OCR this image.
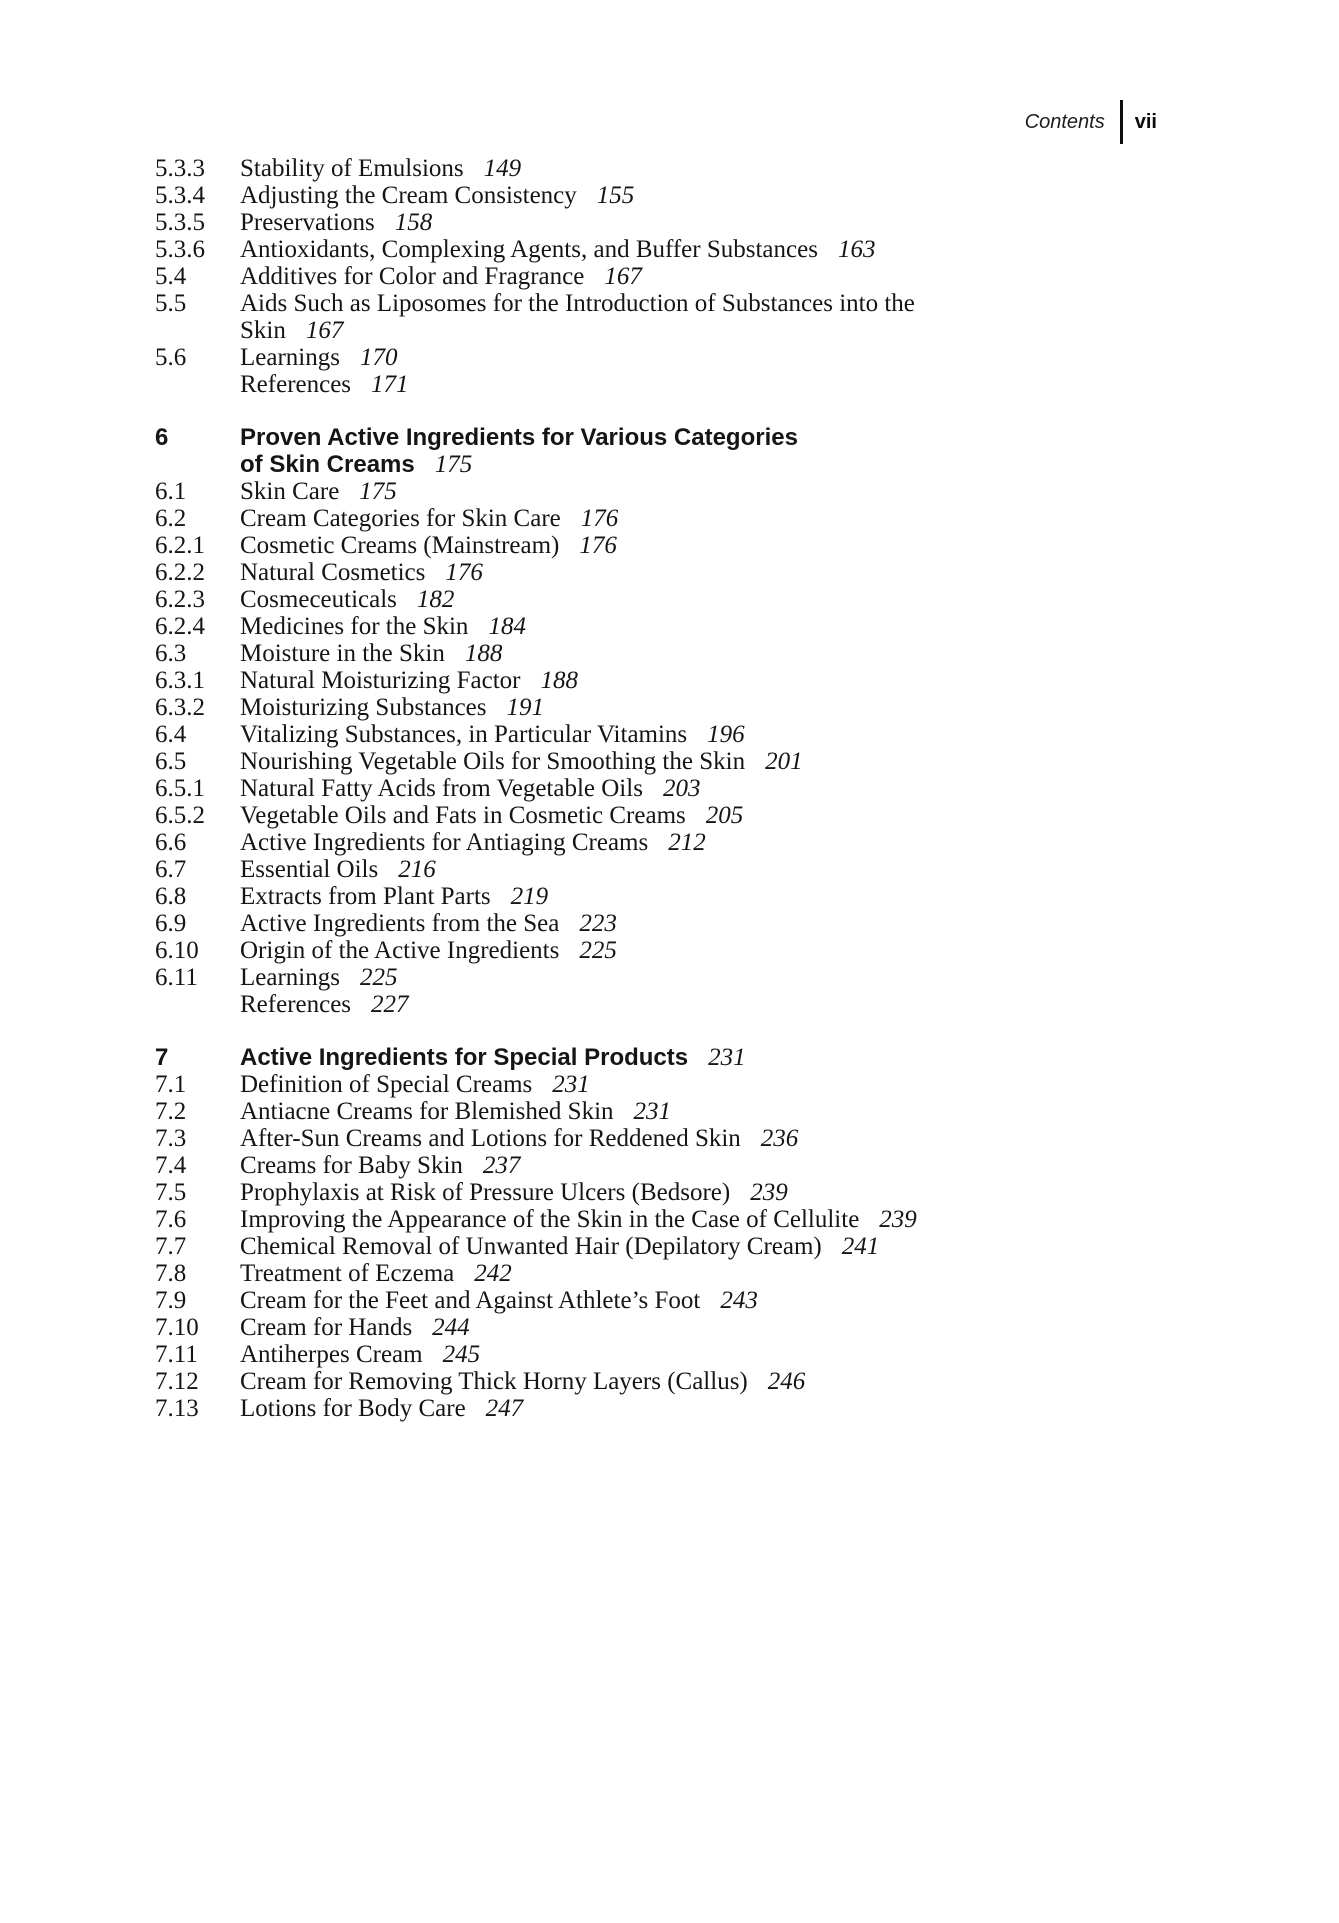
Contents vii
5.3.3	Stability of Emulsions 149
5.3.4	Adjusting the Cream Consistency 155
5.3.5	Preservations 158
5.3.6	Antioxidants, Complexing Agents, and Buffer Substances 163
5.4	Additives for Color and Fragrance 167
5.5	Aids Such as Liposomes for the Introduction of Substances into the
Skin 167
5.6	Learnings 170
References 171
6	Proven Active Ingredients for Various Categories
of Skin Creams 175
6.1	Skin Care 175
6.2	Cream Categories for Skin Care 176
6.2.1	Cosmetic Creams (Mainstream) 176
6.2.2	Natural Cosmetics 176
6.2.3	Cosmeceuticals 182
6.2.4	Medicines for the Skin 184
6.3	Moisture in the Skin 188
6.3.1	Natural Moisturizing Factor 188
6.3.2	Moisturizing Substances 191
6.4	Vitalizing Substances, in Particular Vitamins 196
6.5	Nourishing Vegetable Oils for Smoothing the Skin 201
6.5.1	Natural Fatty Acids from Vegetable Oils 203
6.5.2	Vegetable Oils and Fats in Cosmetic Creams 205
6.6	Active Ingredients for Antiaging Creams 212
6.7	Essential Oils 216
6.8	Extracts from Plant Parts 219
6.9	Active Ingredients from the Sea 223
6.10	Origin of the Active Ingredients 225
6.11	Learnings 225
References 227
7	Active Ingredients for Special Products 231
7.1	Definition of Special Creams 231
7.2	Antiacne Creams for Blemished Skin 231
7.3	After-Sun Creams and Lotions for Reddened Skin 236
7.4	Creams for Baby Skin 237
7.5	Prophylaxis at Risk of Pressure Ulcers (Bedsore) 239
7.6	Improving the Appearance of the Skin in the Case of Cellulite 239
7.7	Chemical Removal of Unwanted Hair (Depilatory Cream) 241
7.8	Treatment of Eczema 242
7.9	Cream for the Feet and Against Athlete’s Foot 243
7.10	Cream for Hands 244
7.11	Antiherpes Cream 245
7.12	Cream for Removing Thick Horny Layers (Callus) 246
7.13	Lotions for Body Care 247
